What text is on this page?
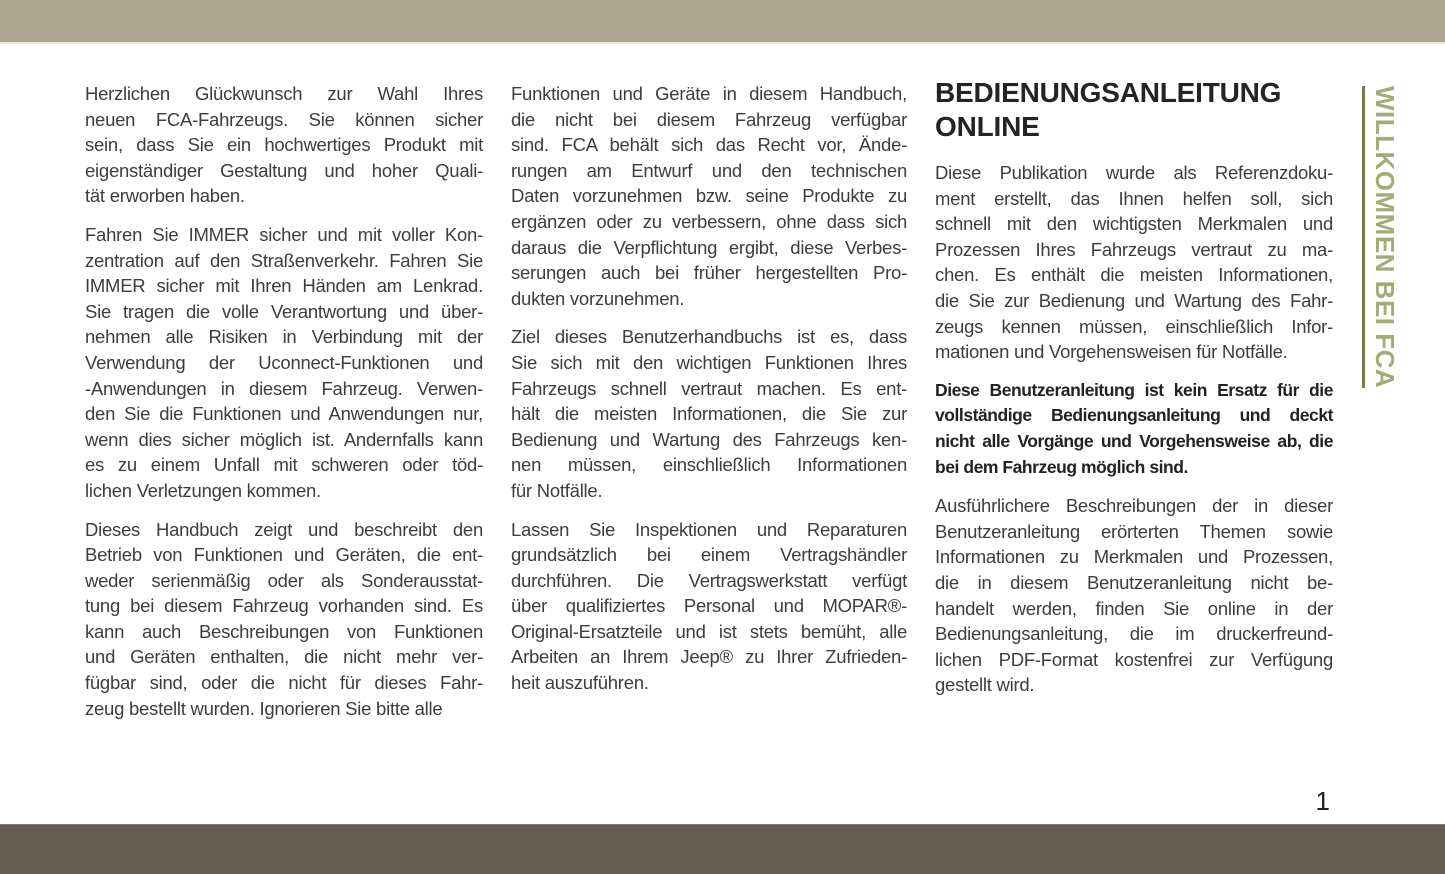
Herzlichen Glückwunsch zur Wahl Ihres
neuen FCA-Fahrzeugs. Sie können sicher
sein, dass Sie ein hochwertiges Produkt mit
eigenständiger Gestaltung und hoher Quali-
tät erworben haben.
Fahren Sie IMMER sicher und mit voller Kon-
zentration auf den Straßenverkehr. Fahren Sie
IMMER sicher mit Ihren Händen am Lenkrad.
Sie tragen die volle Verantwortung und über-
nehmen alle Risiken in Verbindung mit der
Verwendung der Uconnect-Funktionen und
-Anwendungen in diesem Fahrzeug. Verwen-
den Sie die Funktionen und Anwendungen nur,
wenn dies sicher möglich ist. Andernfalls kann
es zu einem Unfall mit schweren oder töd-
lichen Verletzungen kommen.
Dieses Handbuch zeigt und beschreibt den
Betrieb von Funktionen und Geräten, die ent-
weder serienmäßig oder als Sonderausstat-
tung bei diesem Fahrzeug vorhanden sind. Es
kann auch Beschreibungen von Funktionen
und Geräten enthalten, die nicht mehr ver-
fügbar sind, oder die nicht für dieses Fahr-
zeug bestellt wurden. Ignorieren Sie bitte alle
Funktionen und Geräte in diesem Handbuch,
die nicht bei diesem Fahrzeug verfügbar
sind. FCA behält sich das Recht vor, Ände-
rungen am Entwurf und den technischen
Daten vorzunehmen bzw. seine Produkte zu
ergänzen oder zu verbessern, ohne dass sich
daraus die Verpflichtung ergibt, diese Verbes-
serungen auch bei früher hergestellten Pro-
dukten vorzunehmen.
Ziel dieses Benutzerhandbuchs ist es, dass
Sie sich mit den wichtigen Funktionen Ihres
Fahrzeugs schnell vertraut machen. Es ent-
hält die meisten Informationen, die Sie zur
Bedienung und Wartung des Fahrzeugs ken-
nen müssen, einschließlich Informationen
für Notfälle.
Lassen Sie Inspektionen und Reparaturen
grundsätzlich bei einem Vertragshändler
durchführen. Die Vertragswerkstatt verfügt
über qualifiziertes Personal und MOPAR®-
Original-Ersatzteile und ist stets bemüht, alle
Arbeiten an Ihrem Jeep® zu Ihrer Zufrieden-
heit auszuführen.
BEDIENUNGSANLEITUNG ONLINE
Diese Publikation wurde als Referenzdoku-
ment erstellt, das Ihnen helfen soll, sich
schnell mit den wichtigsten Merkmalen und
Prozessen Ihres Fahrzeugs vertraut zu ma-
chen. Es enthält die meisten Informationen,
die Sie zur Bedienung und Wartung des Fahr-
zeugs kennen müssen, einschließlich Infor-
mationen und Vorgehensweisen für Notfälle.
Diese Benutzeranleitung ist kein Ersatz für die
vollständige Bedienungsanleitung und deckt
nicht alle Vorgänge und Vorgehensweise ab, die
bei dem Fahrzeug möglich sind.
Ausführlichere Beschreibungen der in dieser
Benutzeranleitung erörterten Themen sowie
Informationen zu Merkmalen und Prozessen,
die in diesem Benutzeranleitung nicht be-
handelt werden, finden Sie online in der
Bedienungsanleitung, die im druckerfreund-
lichen PDF-Format kostenfrei zur Verfügung
gestellt wird.
WILLKOMMEN BEI FCA
1
